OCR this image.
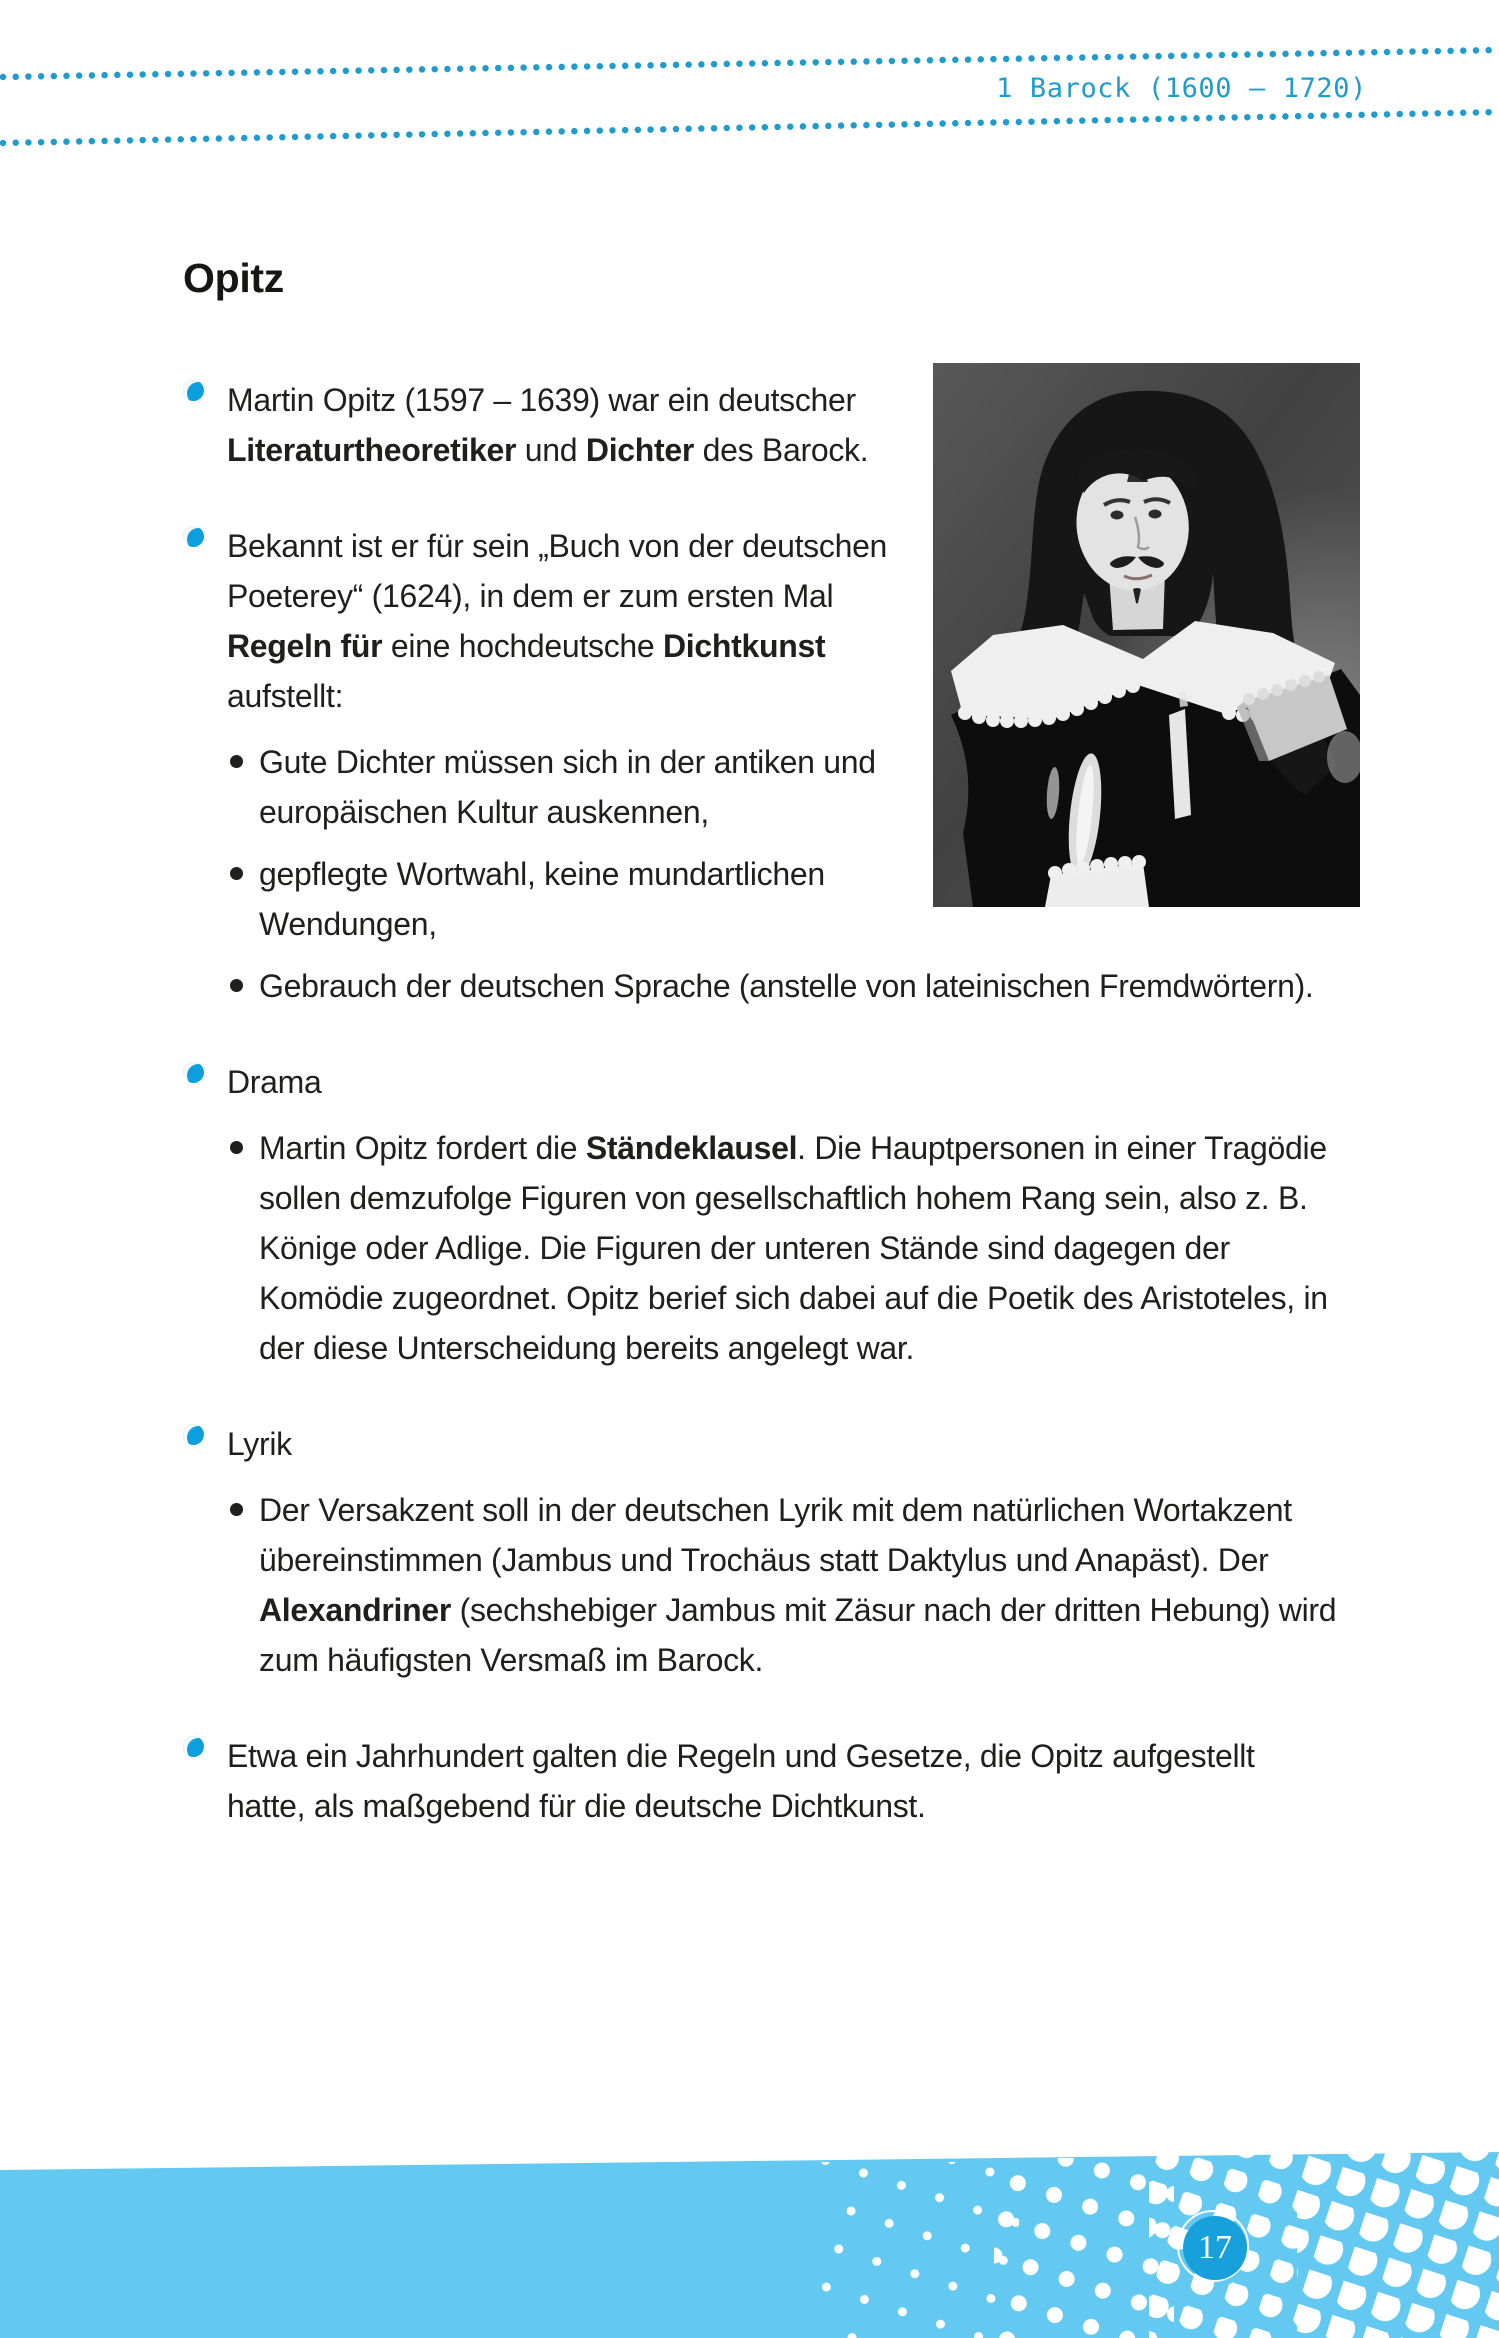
1 Barock (1600 – 1720)
Opitz
Martin Opitz (1597 – 1639) war ein deutscher Literaturtheoretiker und Dichter des Barock.
Bekannt ist er für sein „Buch von der deutschen Poeterey“ (1624), in dem er zum ersten Mal Regeln für eine hochdeutsche Dichtkunst aufstellt:
Gute Dichter müssen sich in der antiken und europäischen Kultur auskennen,
gepflegte Wortwahl, keine mundartlichen Wendungen,
Gebrauch der deutschen Sprache (anstelle von lateinischen Fremdwörtern).
Drama
Martin Opitz fordert die Ständeklausel. Die Hauptpersonen in einer Tragödie sollen demzufolge Figuren von gesellschaftlich hohem Rang sein, also z. B. Könige oder Adlige. Die Figuren der unteren Stände sind dagegen der Komödie zugeordnet. Opitz berief sich dabei auf die Poetik des Aristoteles, in der diese Unterscheidung bereits angelegt war.
Lyrik
Der Versakzent soll in der deutschen Lyrik mit dem natürlichen Wortakzent übereinstimmen (Jambus und Trochäus statt Daktylus und Anapäst). Der Alexandriner (sechshebiger Jambus mit Zäsur nach der dritten Hebung) wird zum häufigsten Versmaß im Barock.
Etwa ein Jahrhundert galten die Regeln und Gesetze, die Opitz aufgestellt hatte, als maßgebend für die deutsche Dichtkunst.
17
